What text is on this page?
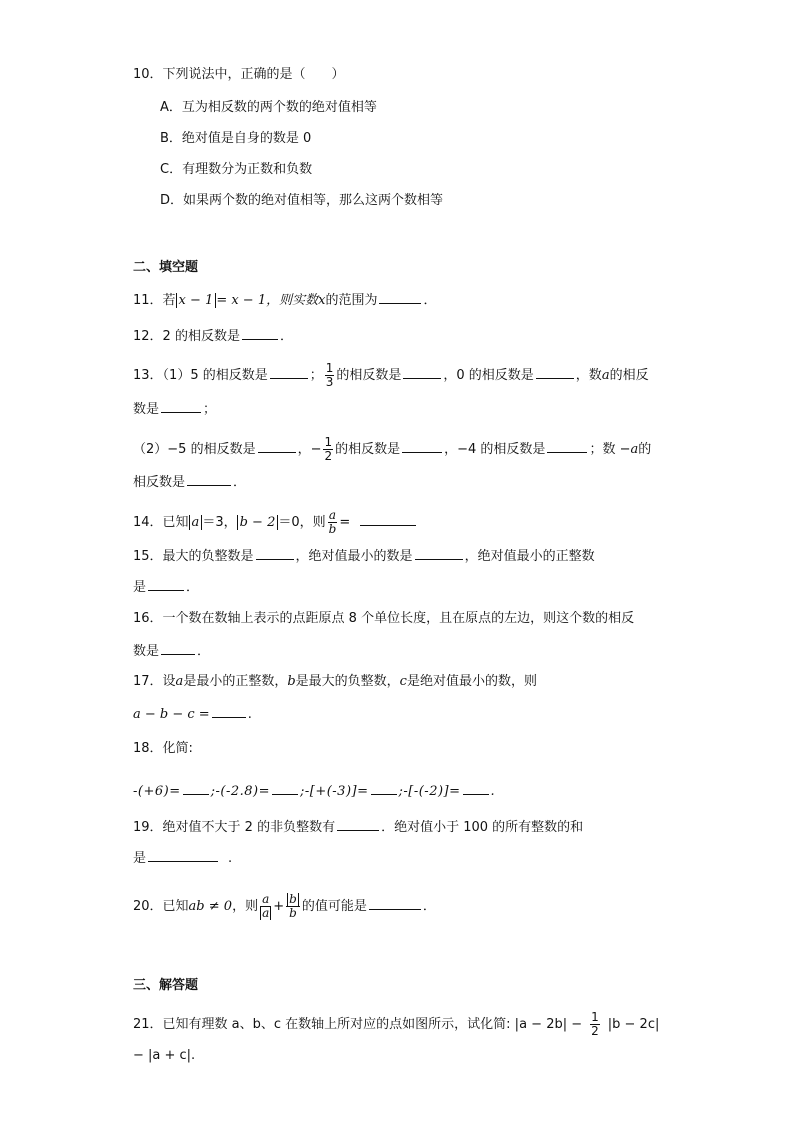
10．下列说法中，正确的是（　　）
A．互为相反数的两个数的绝对值相等
B．绝对值是自身的数是 0
C．有理数分为正数和负数
D．如果两个数的绝对值相等，那么这两个数相等
二、填空题
11．若 x − 1 = x − 1，则实数x的范围为	．
12．2 的相反数是	．
13．（1）5 的相反数是	； $\frac{1}{3}$ 的相反数是	，0 的相反数是	，数a的相反
数是	；
（2）−5 的相反数是	，− $\frac{1}{2}$ 的相反数是	，−4 的相反数是	；数 −a的
相反数是	．
14．已知 a ＝3， b − 2 ＝0，则 $\frac{a}{b}$ =
15．最大的负整数是	，绝对值最小的数是	，绝对值最小的正整数
是	．
16．一个数在数轴上表示的点距原点 8 个单位长度，且在原点的左边，则这个数的相反
数是	．
17．设a是最小的正整数，b是最大的负整数，c是绝对值最小的数，则
a − b − c =	.
18．化简:
-(+6)= ;-(-2.8)= ;-[+(-3)]= ;-[-(-2)]= .
19．绝对值不大于 2 的非负整数有	．绝对值小于 100 的所有整数的和
是	.
20．已知ab ≠ 0，则 $\frac{a}{a} + \frac{b}{b}$ 的值可能是	．
三、解答题
21．已知有理数 a、b、c 在数轴上所对应的点如图所示，试化简: $|a - 2b| - \frac{1}{2} |b - 2c|$
− |a + c|.
